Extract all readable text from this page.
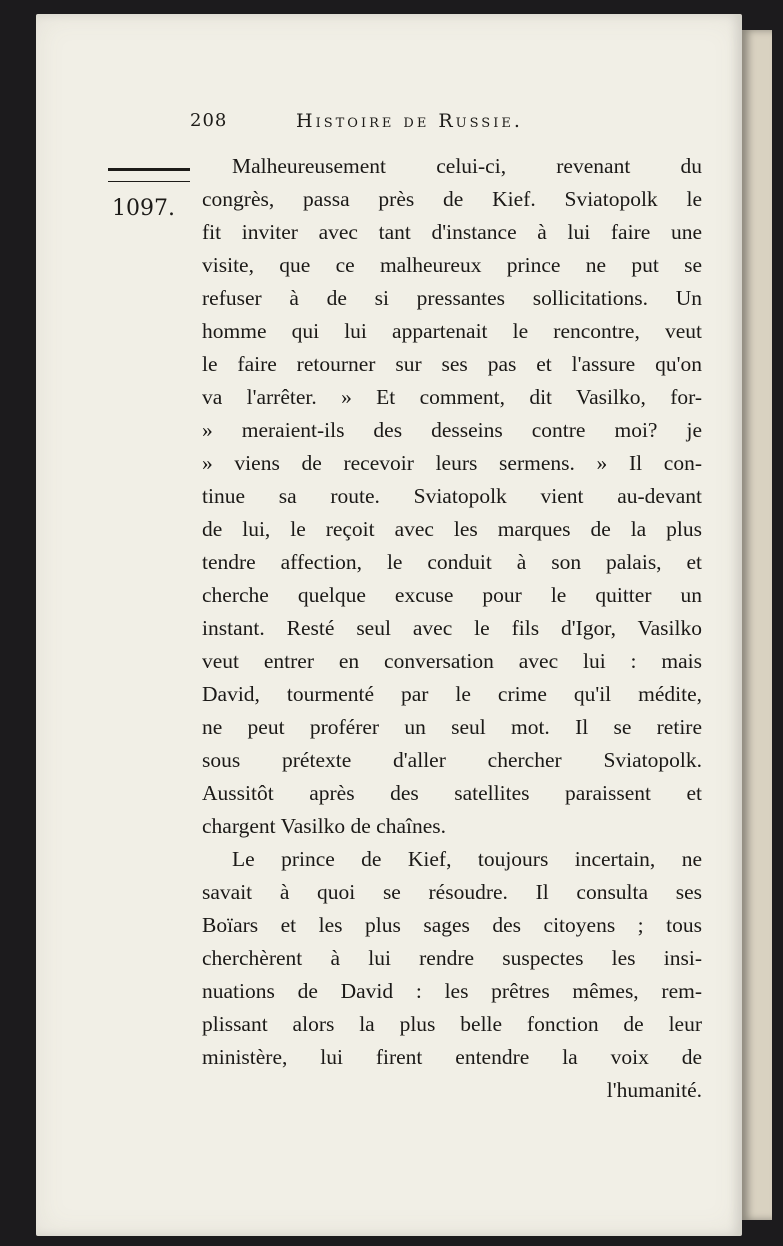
208	Histoire de Russie.
1097.
Malheureusement celui-ci, revenant du
congrès, passa près de Kief. Sviatopolk le
fit inviter avec tant d'instance à lui faire une
visite, que ce malheureux prince ne put se
refuser à de si pressantes sollicitations. Un
homme qui lui appartenait le rencontre, veut
le faire retourner sur ses pas et l'assure qu'on
va l'arrêter. » Et comment, dit Vasilko, for-
» meraient-ils des desseins contre moi? je
» viens de recevoir leurs sermens. » Il con-
tinue sa route. Sviatopolk vient au-devant
de lui, le reçoit avec les marques de la plus
tendre affection, le conduit à son palais, et
cherche quelque excuse pour le quitter un
instant. Resté seul avec le fils d'Igor, Vasilko
veut entrer en conversation avec lui : mais
David, tourmenté par le crime qu'il médite,
ne peut proférer un seul mot. Il se retire
sous prétexte d'aller chercher Sviatopolk.
Aussitôt après des satellites paraissent et
chargent Vasilko de chaînes.
Le prince de Kief, toujours incertain, ne
savait à quoi se résoudre. Il consulta ses
Boïars et les plus sages des citoyens ; tous
cherchèrent à lui rendre suspectes les insi-
nuations de David : les prêtres mêmes, rem-
plissant alors la plus belle fonction de leur
ministère, lui firent entendre la voix de
l'humanité.
